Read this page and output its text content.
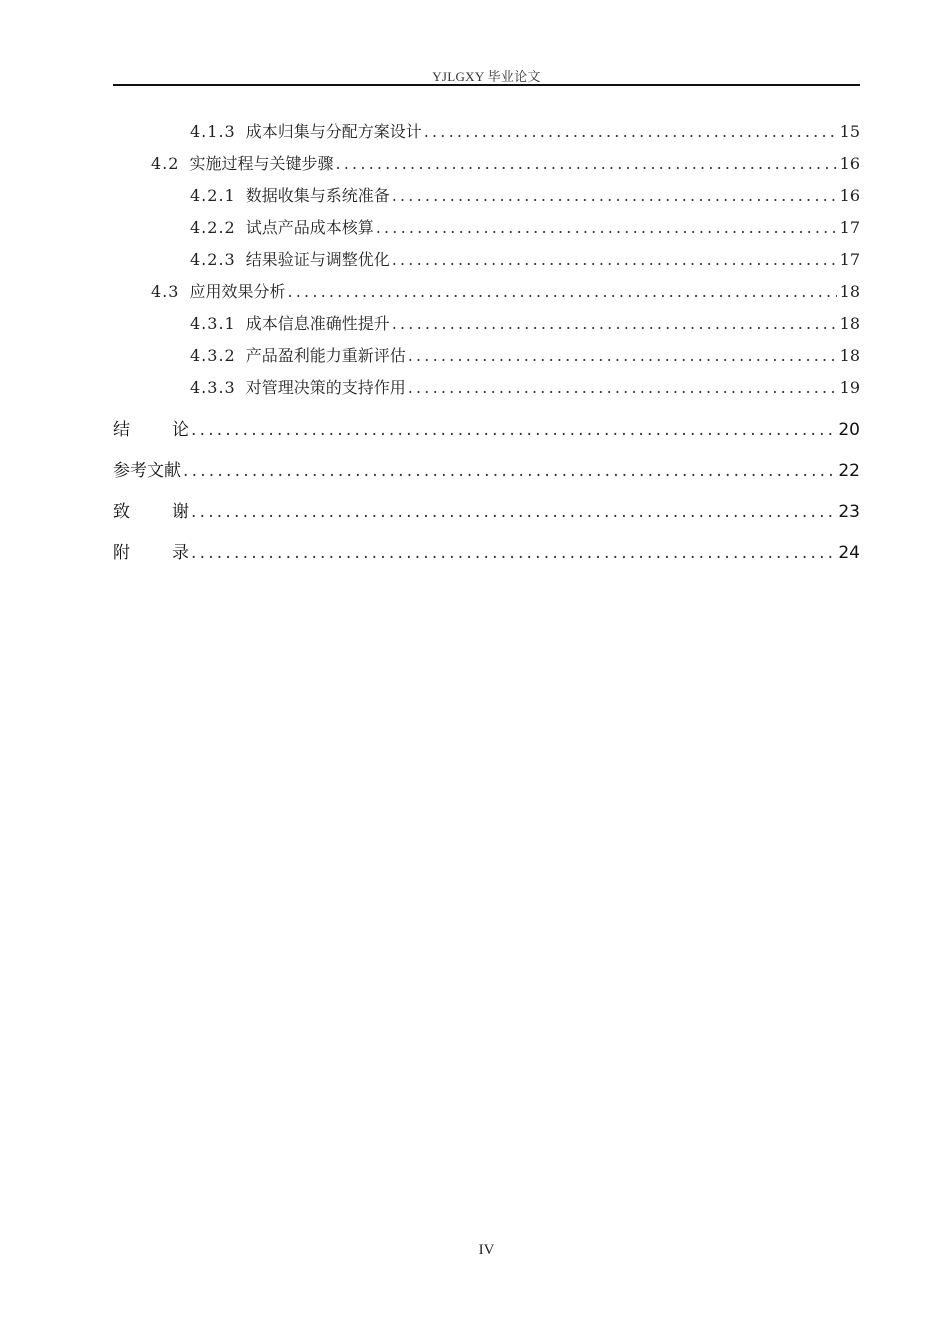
YJLGXY 毕业论文
4.1.3 成本归集与分配方案设计 .....	15
4.2 实施过程与关键步骤 .....	16
4.2.1 数据收集与系统准备 .....	16
4.2.2 试点产品成本核算 .....	17
4.2.3 结果验证与调整优化 .....	17
4.3 应用效果分析 .....	18
4.3.1 成本信息准确性提升 .....	18
4.3.2 产品盈利能力重新评估 .....	18
4.3.3 对管理决策的支持作用 .....	19
结论 .....	20
参考文献 .....	22
致谢 .....	23
附录 .....	24
IV
